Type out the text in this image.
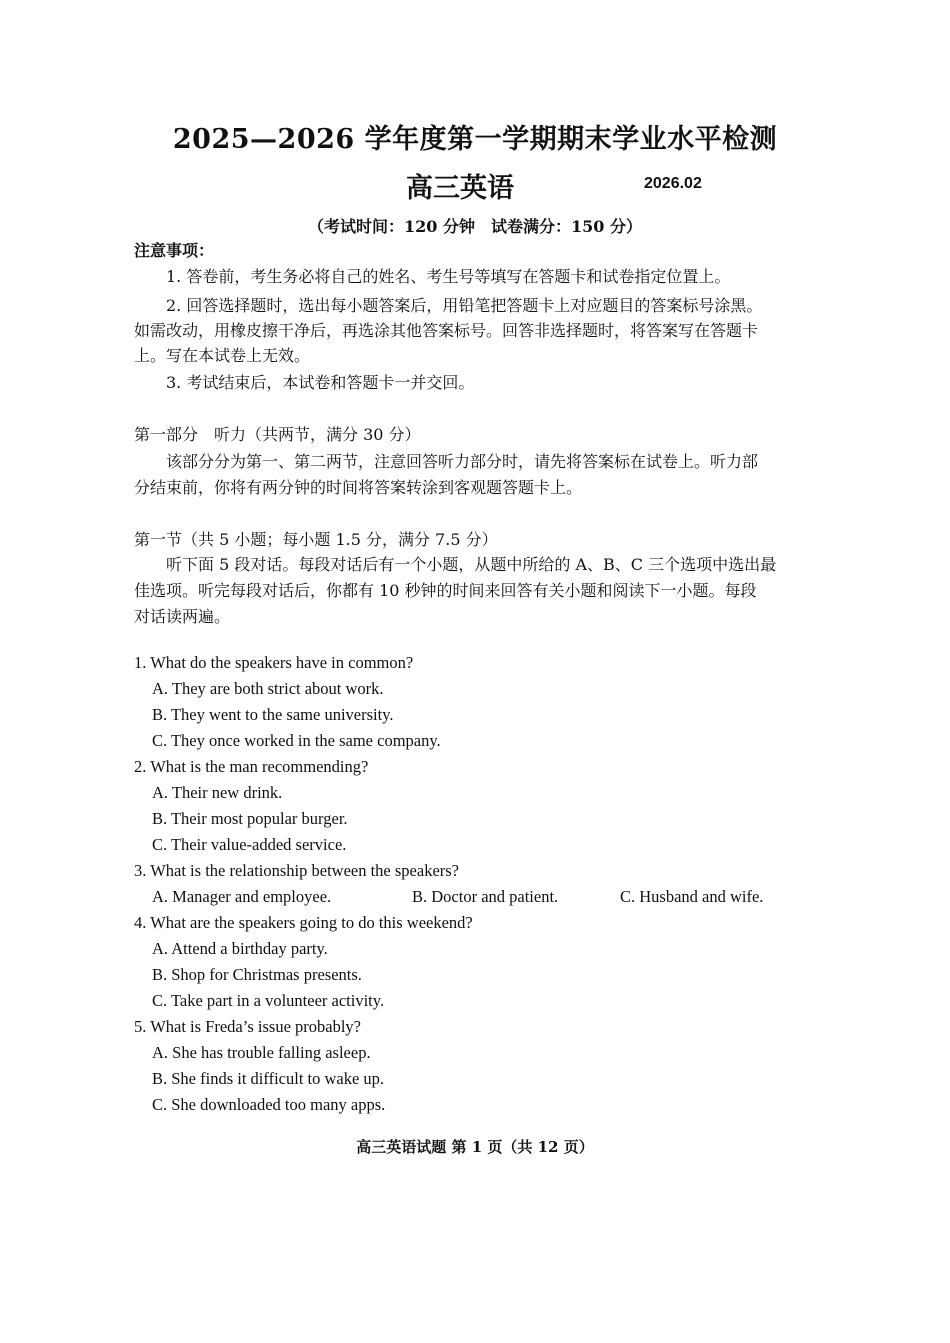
2025—2026 学年度第一学期期末学业水平检测
高三英语	2026.02
（考试时间：120 分钟　试卷满分：150 分）
注意事项：
1. 答卷前，考生务必将自己的姓名、考生号等填写在答题卡和试卷指定位置上。
2. 回答选择题时，选出每小题答案后，用铅笔把答题卡上对应题目的答案标号涂黑。
如需改动，用橡皮擦干净后，再选涂其他答案标号。回答非选择题时，将答案写在答题卡
上。写在本试卷上无效。
3. 考试结束后，本试卷和答题卡一并交回。
第一部分　听力（共两节，满分 30 分）
该部分分为第一、第二两节，注意回答听力部分时，请先将答案标在试卷上。听力部
分结束前，你将有两分钟的时间将答案转涂到客观题答题卡上。
第一节（共 5 小题；每小题 1.5 分，满分 7.5 分）
听下面 5 段对话。每段对话后有一个小题，从题中所给的 A、B、C 三个选项中选出最
佳选项。听完每段对话后，你都有 10 秒钟的时间来回答有关小题和阅读下一小题。每段
对话读两遍。
1. What do the speakers have in common?
A. They are both strict about work.
B. They went to the same university.
C. They once worked in the same company.
2. What is the man recommending?
A. Their new drink.
B. Their most popular burger.
C. Their value-added service.
3. What is the relationship between the speakers?
A. Manager and employee.	B. Doctor and patient.	C. Husband and wife.
4. What are the speakers going to do this weekend?
A. Attend a birthday party.
B. Shop for Christmas presents.
C. Take part in a volunteer activity.
5. What is Freda’s issue probably?
A. She has trouble falling asleep.
B. She finds it difficult to wake up.
C. She downloaded too many apps.
高三英语试题 第 1 页（共 12 页）
